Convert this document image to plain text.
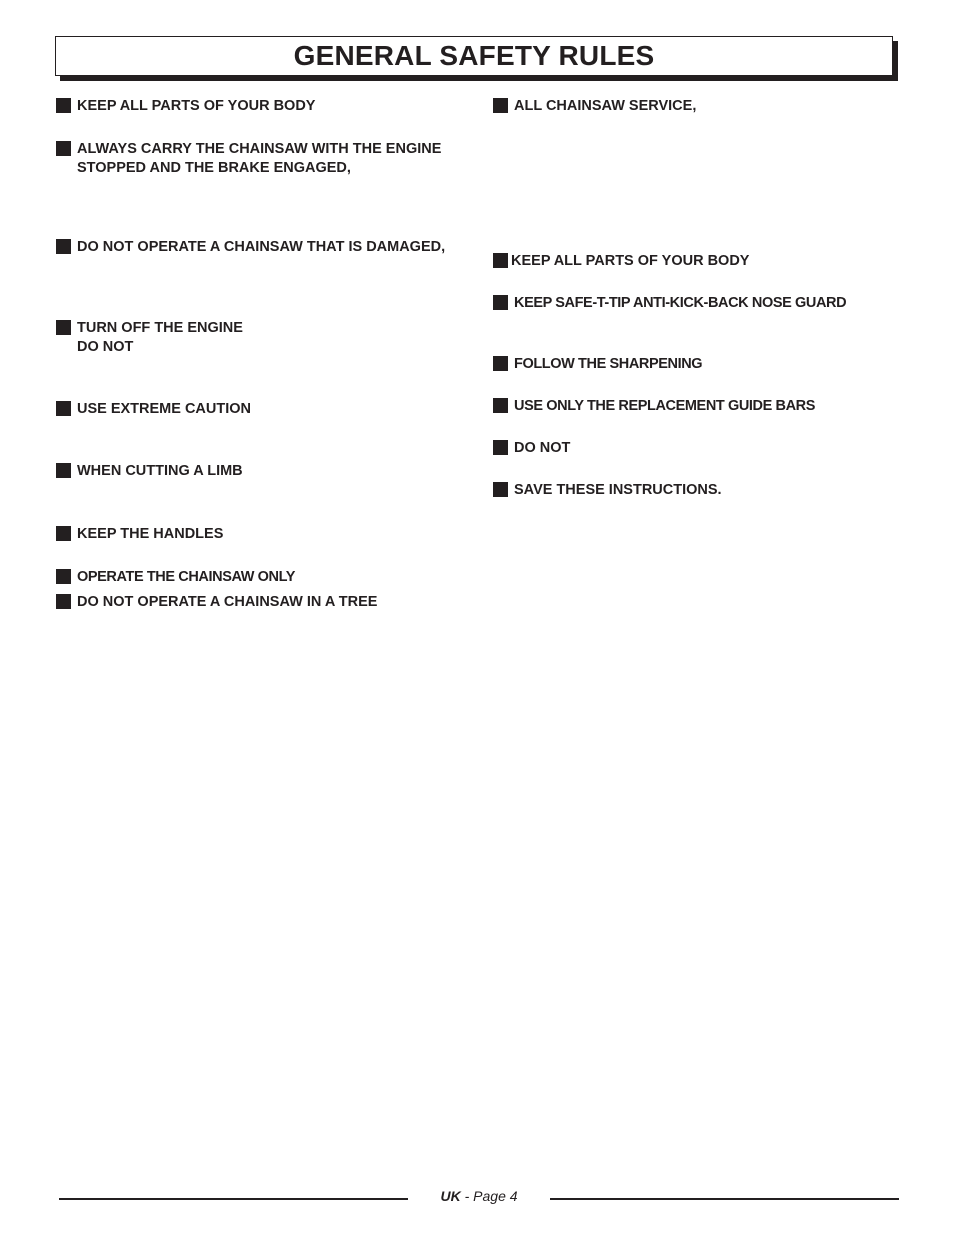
GENERAL SAFETY RULES
KEEP ALL PARTS OF YOUR BODY
ALWAYS CARRY THE CHAINSAW WITH THE ENGINE
STOPPED AND THE BRAKE ENGAGED,
DO NOT OPERATE A CHAINSAW THAT IS DAMAGED,
TURN OFF THE ENGINE
DO NOT
USE EXTREME CAUTION
WHEN CUTTING A LIMB
KEEP THE HANDLES
OPERATE THE CHAINSAW ONLY
DO NOT OPERATE A CHAINSAW IN A TREE
ALL CHAINSAW SERVICE,
KEEP ALL PARTS OF YOUR BODY
KEEP SAFE-T-TIP ANTI-KICK-BACK NOSE GUARD
FOLLOW THE SHARPENING
USE ONLY THE REPLACEMENT GUIDE BARS
DO NOT
SAVE THESE INSTRUCTIONS.
UK - Page 4
